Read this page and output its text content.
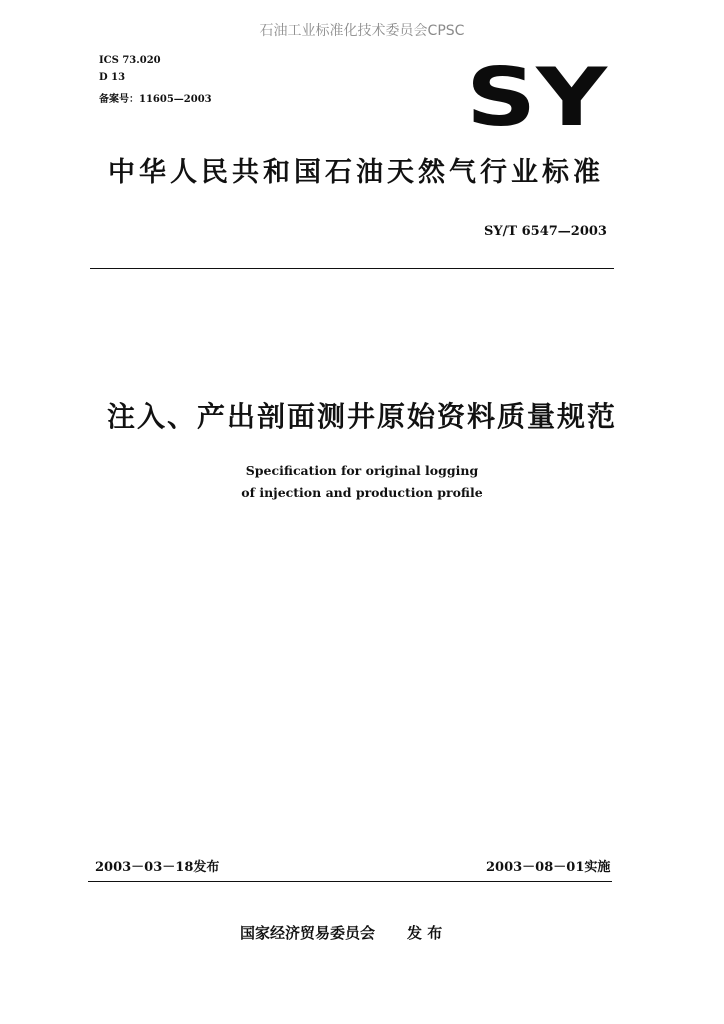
石油工业标准化技术委员会CPSC
ICS 73.020
D 13
备案号：11605—2003	SY
中华人民共和国石油天然气行业标准
SY/T 6547—2003
注入、产出剖面测井原始资料质量规范
Specification for original logging
of injection and production profile
2003－03－18发布	2003－08－01实施
国家经济贸易委员会 发 布
